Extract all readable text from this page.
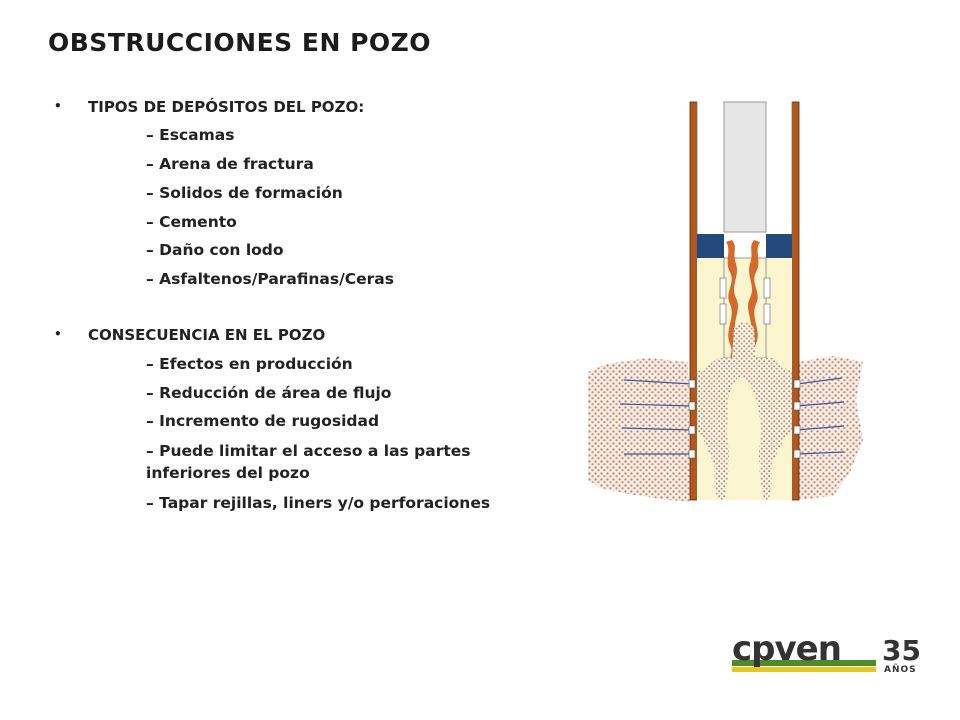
OBSTRUCCIONES EN POZO
• TIPOS DE DEPÓSITOS DEL POZO:
– Escamas
– Arena de fractura
– Solidos de formación
– Cemento
– Daño con lodo
– Asfaltenos/Parafinas/Ceras
• CONSECUENCIA EN EL POZO
– Efectos en producción
– Reducción de área de flujo
– Incremento de rugosidad
– Puede limitar el acceso a las partes
inferiores del pozo
– Tapar rejillas, liners y/o perforaciones
cpven 35
AÑOS
